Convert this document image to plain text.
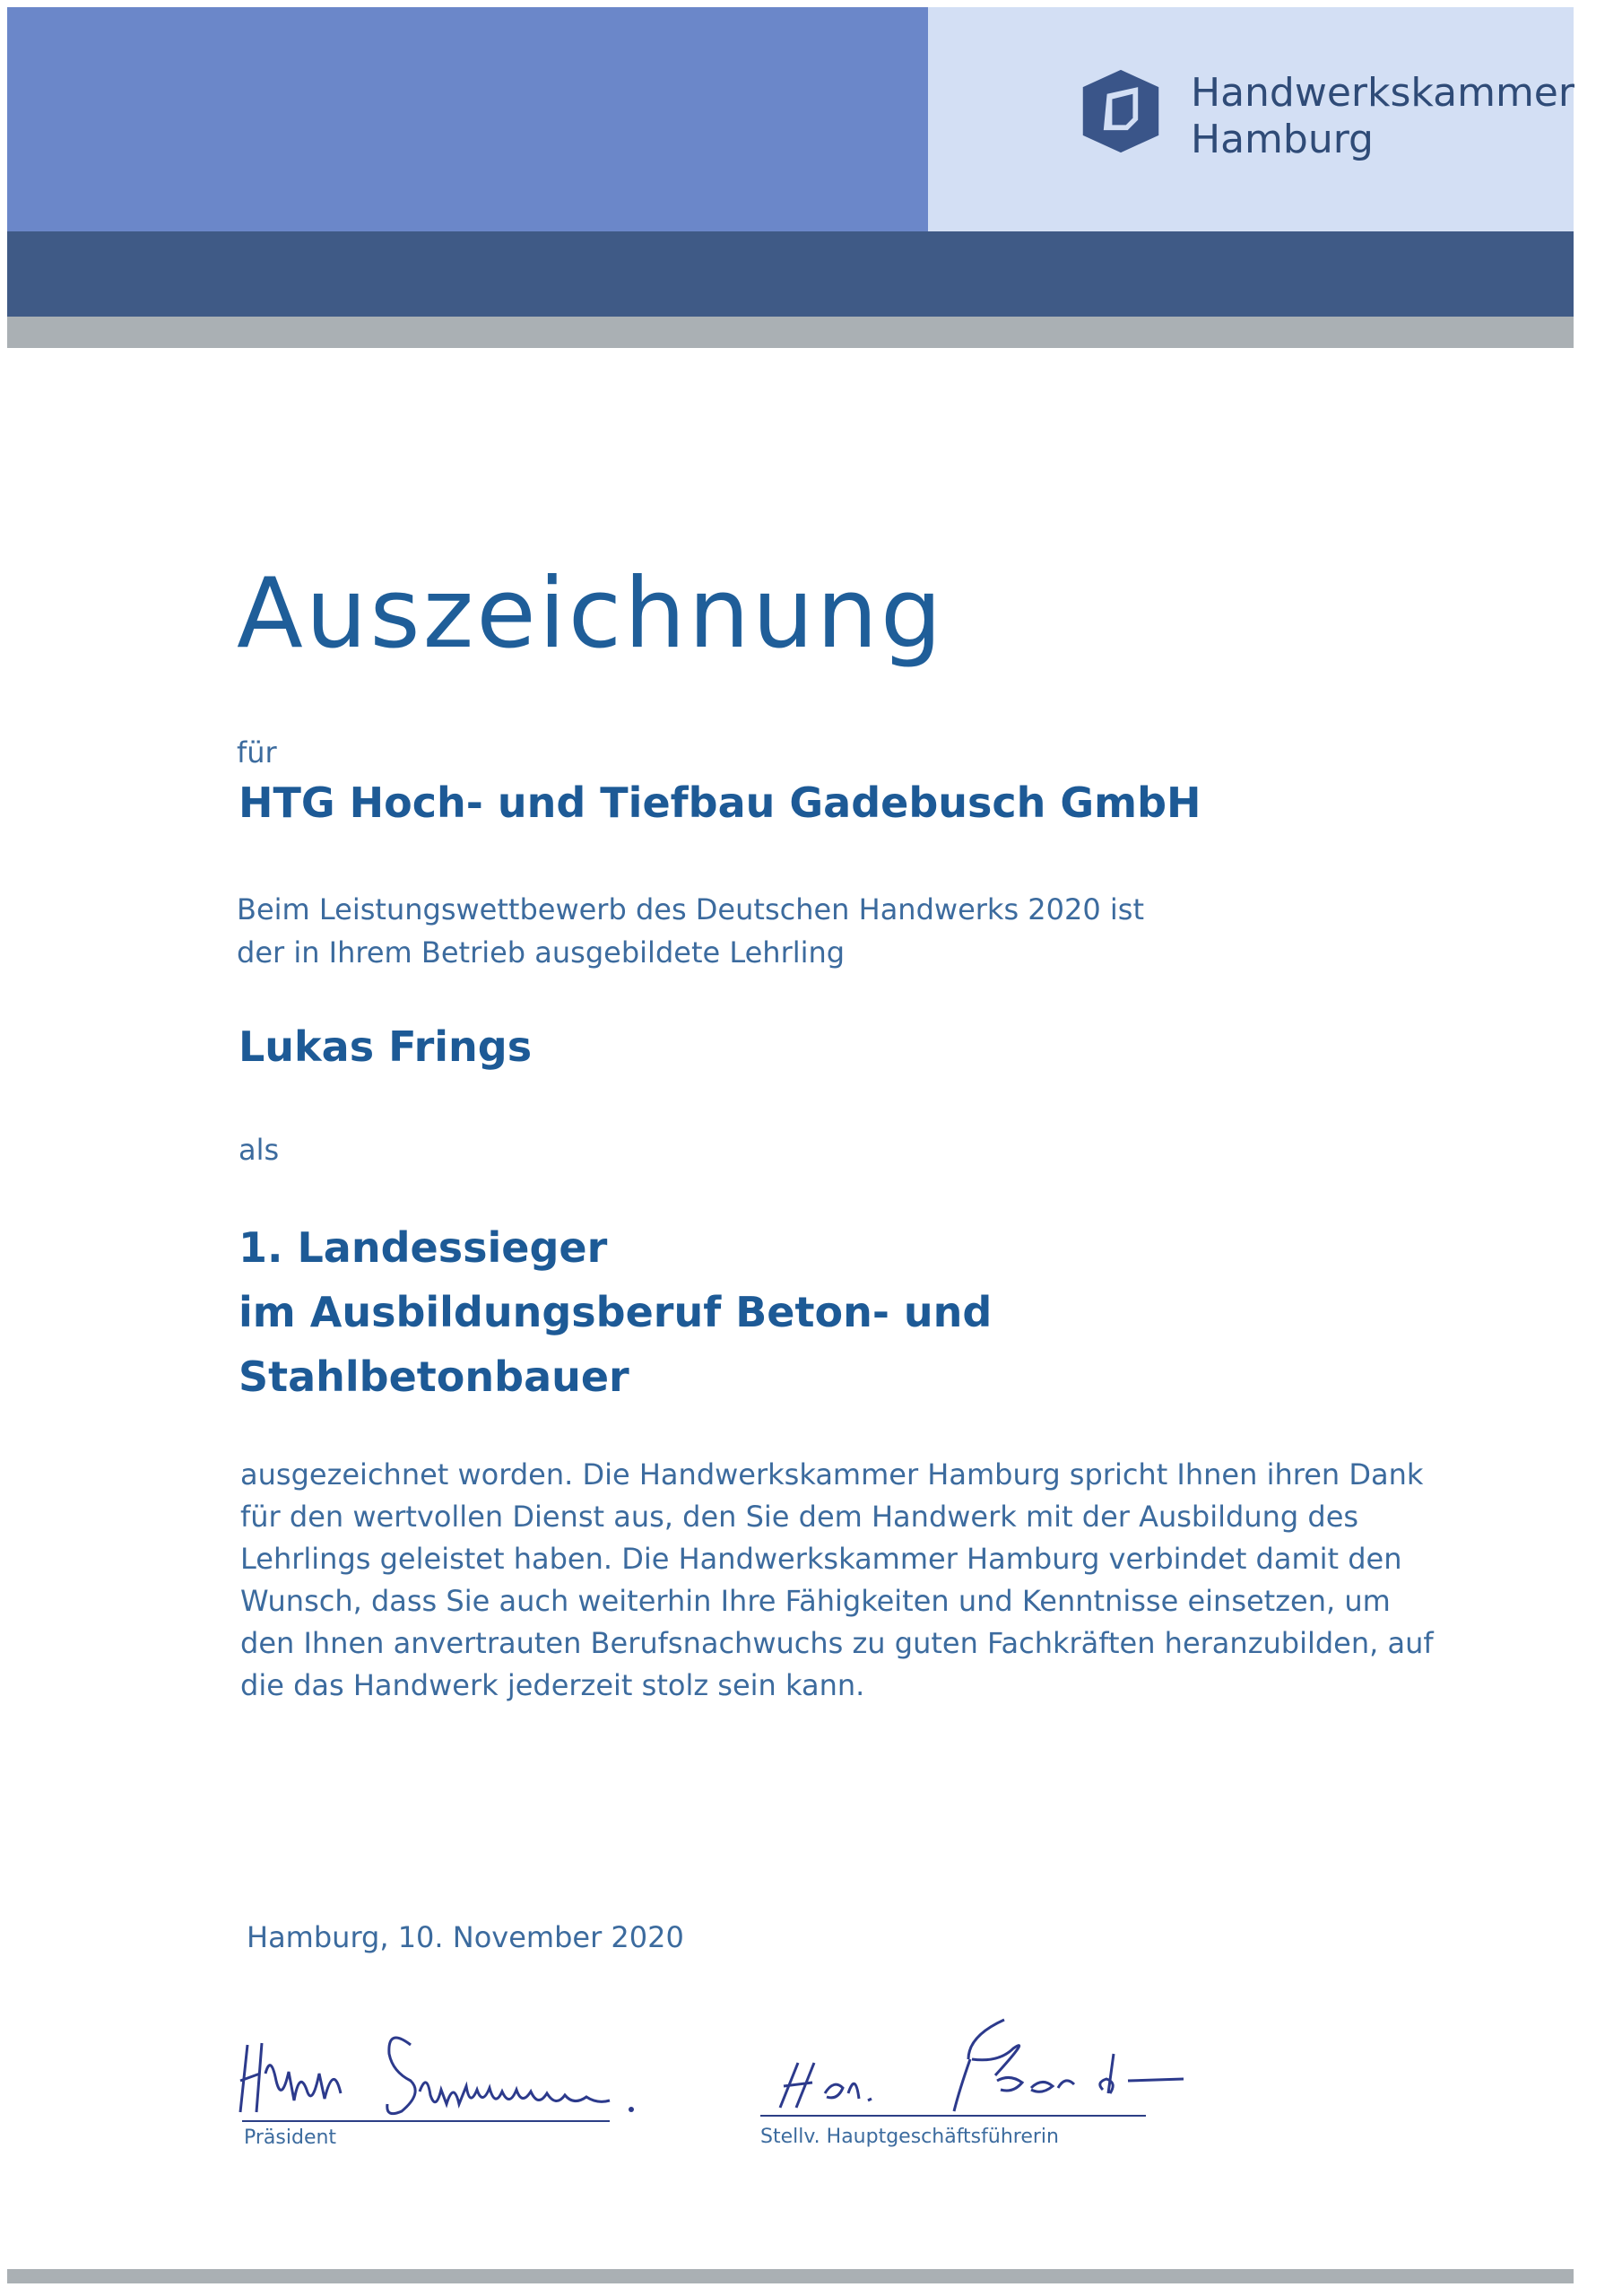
Handwerkskammer
Hamburg
Auszeichnung
für
HTG Hoch- und Tiefbau Gadebusch GmbH
Beim Leistungswettbewerb des Deutschen Handwerks 2020 ist
der in Ihrem Betrieb ausgebildete Lehrling
Lukas Frings
als
1. Landessieger
im Ausbildungsberuf Beton- und
Stahlbetonbauer
ausgezeichnet worden. Die Handwerkskammer Hamburg spricht Ihnen ihren Dank
für den wertvollen Dienst aus, den Sie dem Handwerk mit der Ausbildung des
Lehrlings geleistet haben. Die Handwerkskammer Hamburg verbindet damit den
Wunsch, dass Sie auch weiterhin Ihre Fähigkeiten und Kenntnisse einsetzen, um
den Ihnen anvertrauten Berufsnachwuchs zu guten Fachkräften heranzubilden, auf
die das Handwerk jederzeit stolz sein kann.
Hamburg, 10. November 2020
Präsident	Stellv. Hauptgeschäftsführerin
